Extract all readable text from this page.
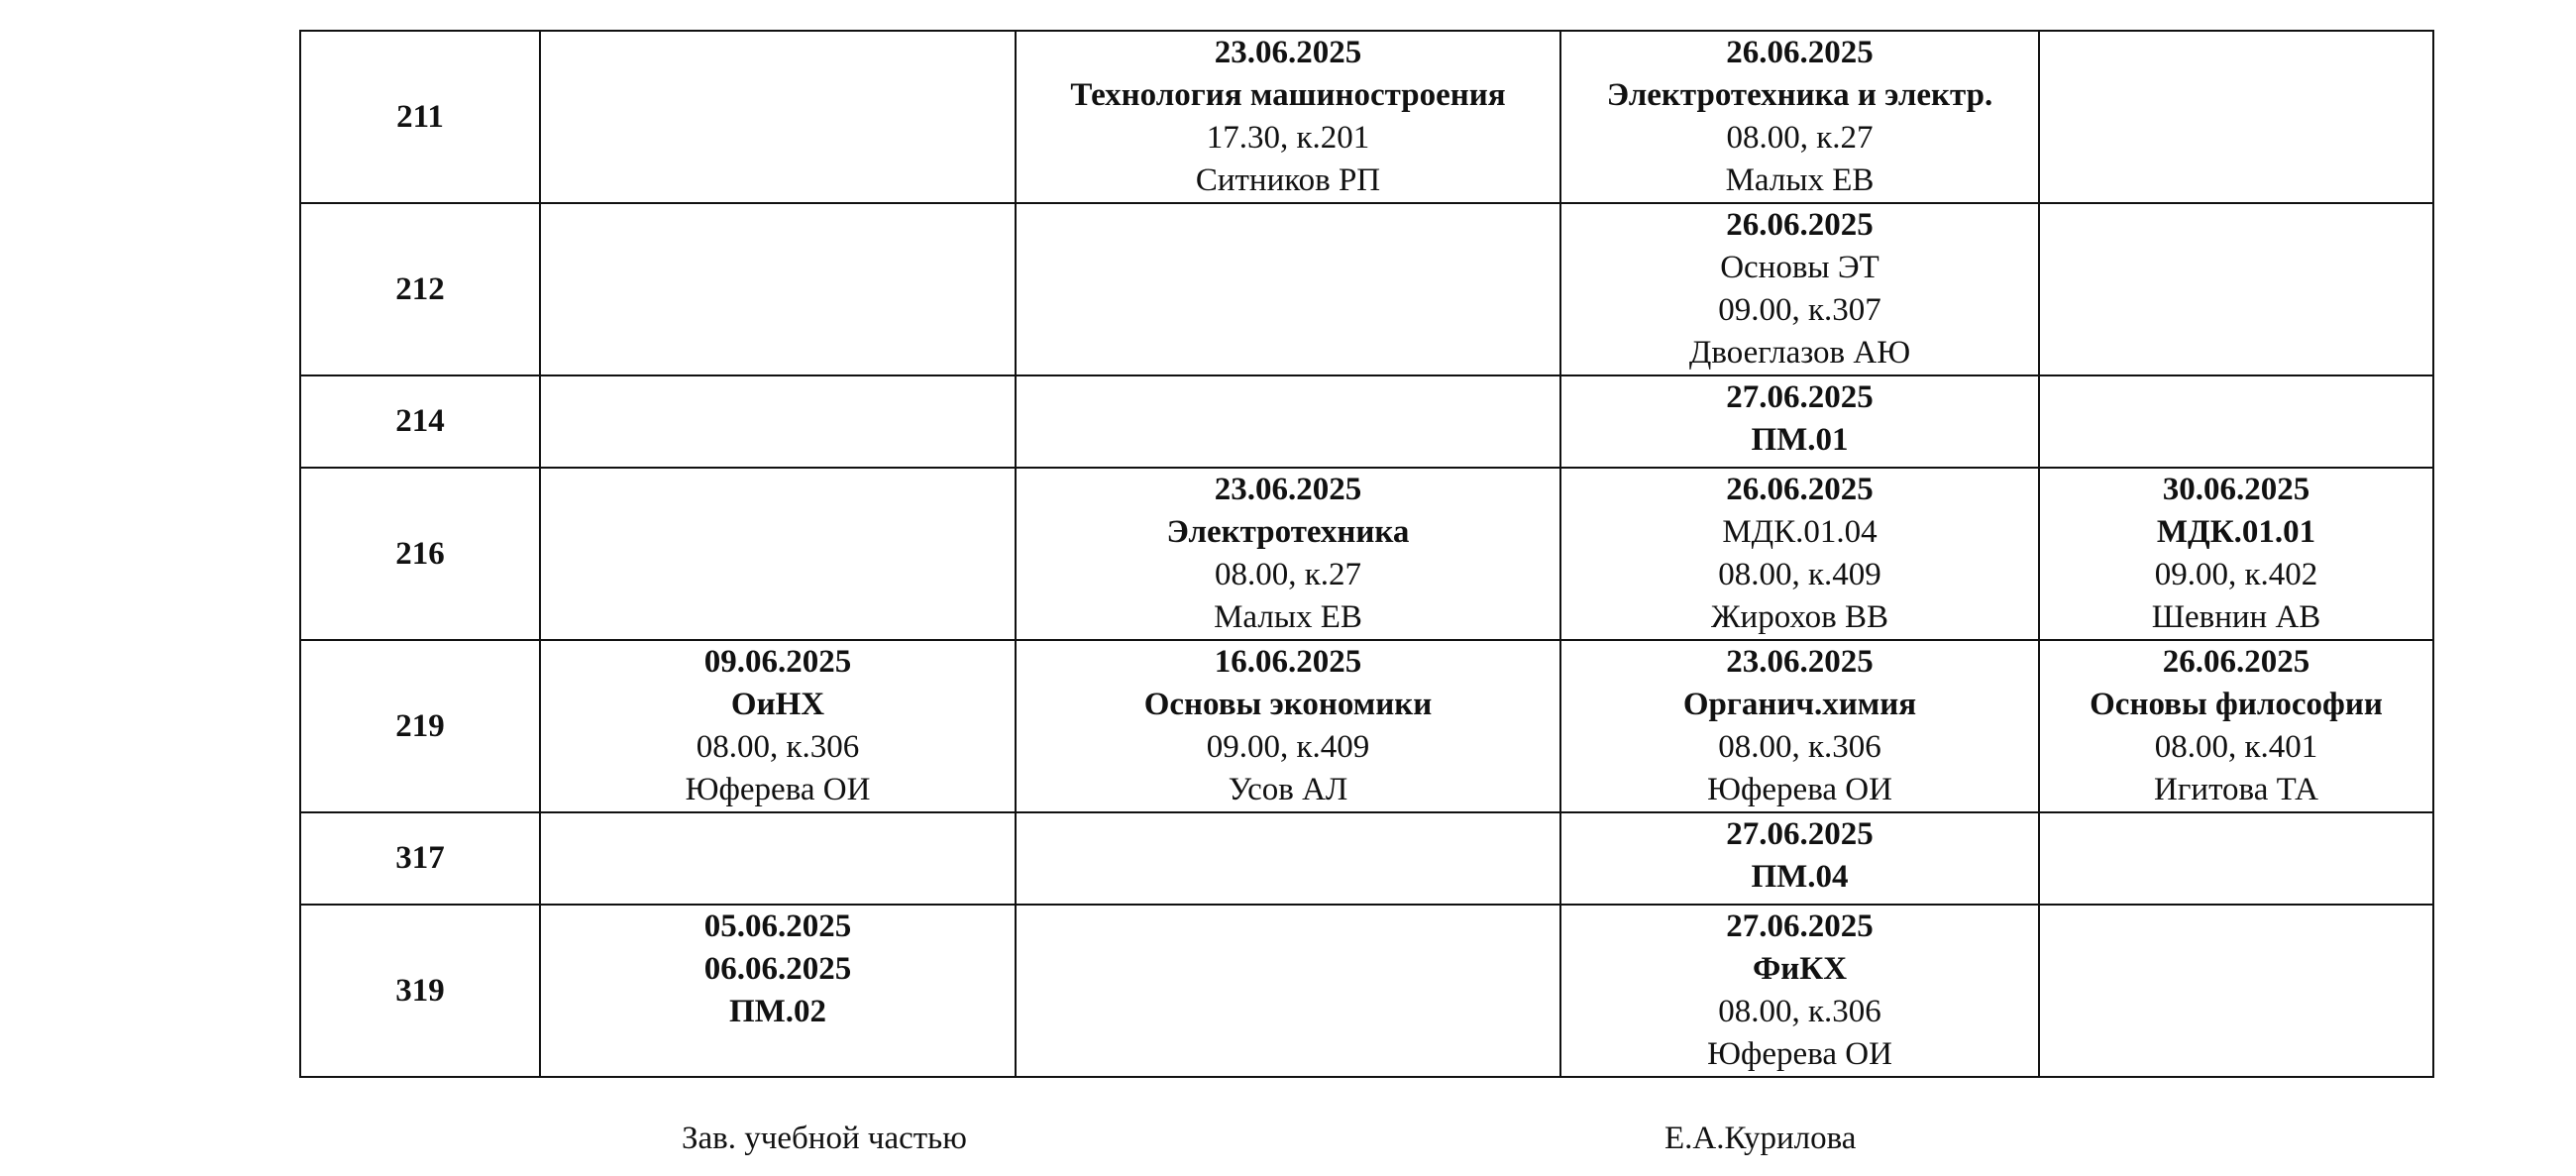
211		23.06.2025
Технология машиностроения
17.30, к.201
Ситников РП	26.06.2025
Электротехника и электр.
08.00, к.27
Малых ЕВ	

212			26.06.2025
Основы ЭТ
09.00, к.307
Двоеглазов АЮ	

214			27.06.2025
ПМ.01	

216		23.06.2025
Электротехника
08.00, к.27
Малых ЕВ	26.06.2025
МДК.01.04
08.00, к.409
Жирохов ВВ	30.06.2025
МДК.01.01
09.00, к.402
Шевнин АВ

219	09.06.2025
ОиНХ
08.00, к.306
Юферева ОИ	16.06.2025
Основы экономики
09.00, к.409
Усов АЛ	23.06.2025
Органич.химия
08.00, к.306
Юферева ОИ	26.06.2025
Основы философии
08.00, к.401
Игитова ТА

317			27.06.2025
ПМ.04	

319	05.06.2025
06.06.2025
ПМ.02		27.06.2025
ФиКХ
08.00, к.306
Юферева ОИ	

Зав. учебной частью	Е.А.Курилова
